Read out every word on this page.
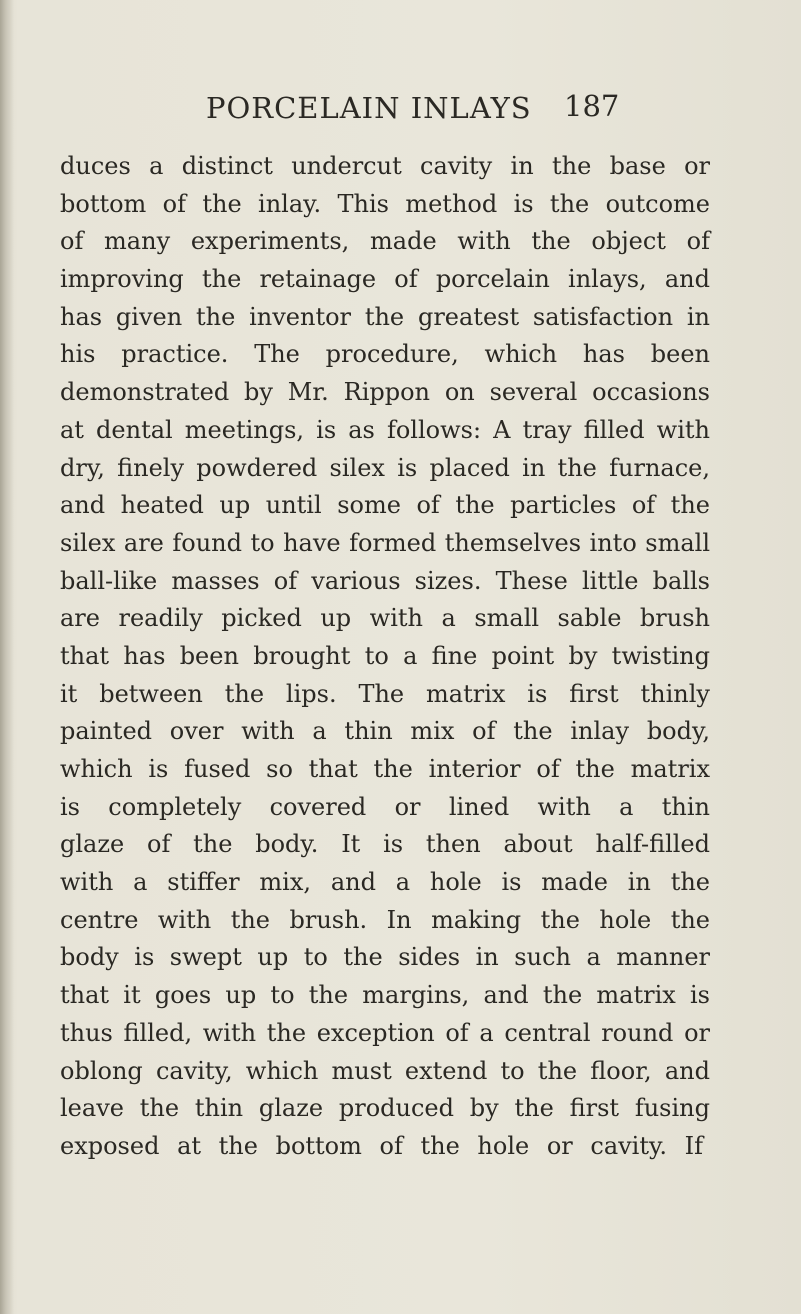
PORCELAIN INLAYS 187
duces a distinct undercut cavity in the base or
bottom of the inlay. This method is the outcome
of many experiments, made with the object of
improving the retainage of porcelain inlays, and
has given the inventor the greatest satisfaction in
his practice. The procedure, which has been
demonstrated by Mr. Rippon on several occasions
at dental meetings, is as follows: A tray filled with
dry, finely powdered silex is placed in the furnace,
and heated up until some of the particles of the
silex are found to have formed themselves into small
ball-like masses of various sizes. These little balls
are readily picked up with a small sable brush
that has been brought to a fine point by twisting
it between the lips. The matrix is first thinly
painted over with a thin mix of the inlay body,
which is fused so that the interior of the matrix
is completely covered or lined with a thin
glaze of the body. It is then about half-filled
with a stiffer mix, and a hole is made in the
centre with the brush. In making the hole the
body is swept up to the sides in such a manner
that it goes up to the margins, and the matrix is
thus filled, with the exception of a central round or
oblong cavity, which must extend to the floor, and
leave the thin glaze produced by the first fusing
exposed at the bottom of the hole or cavity. If
